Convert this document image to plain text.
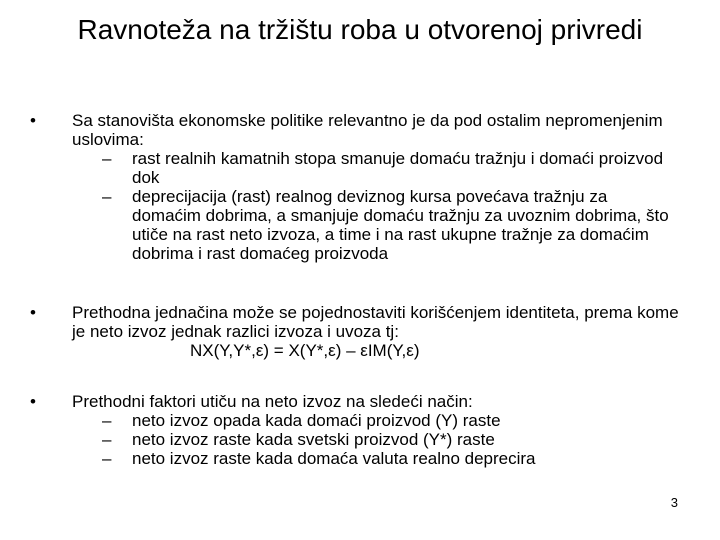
Ravnoteža na tržištu roba u otvorenoj privredi
• Sa stanovišta ekonomske politike relevantno je da pod ostalim nepromenjenim uslovima:
– rast realnih kamatnih stopa smanuje domaću tražnju i domaći proizvod dok
– deprecijacija (rast) realnog deviznog kursa povećava tražnju za domaćim dobrima, a smanjuje domaću tražnju za uvoznim dobrima, što utiče na rast neto izvoza, a time i na rast ukupne tražnje za domaćim dobrima i rast domaćeg proizvoda
• Prethodna jednačina može se pojednostaviti korišćenjem identiteta, prema kome je neto izvoz jednak razlici izvoza i uvoza tj:
NX(Y,Y*,ε) = X(Y*,ε) – εIM(Y,ε)
• Prethodni faktori utiču na neto izvoz na sledeći način:
– neto izvoz opada kada domaći proizvod (Y) raste
– neto izvoz raste kada svetski proizvod (Y*) raste
– neto izvoz raste kada domaća valuta realno deprecira
3
